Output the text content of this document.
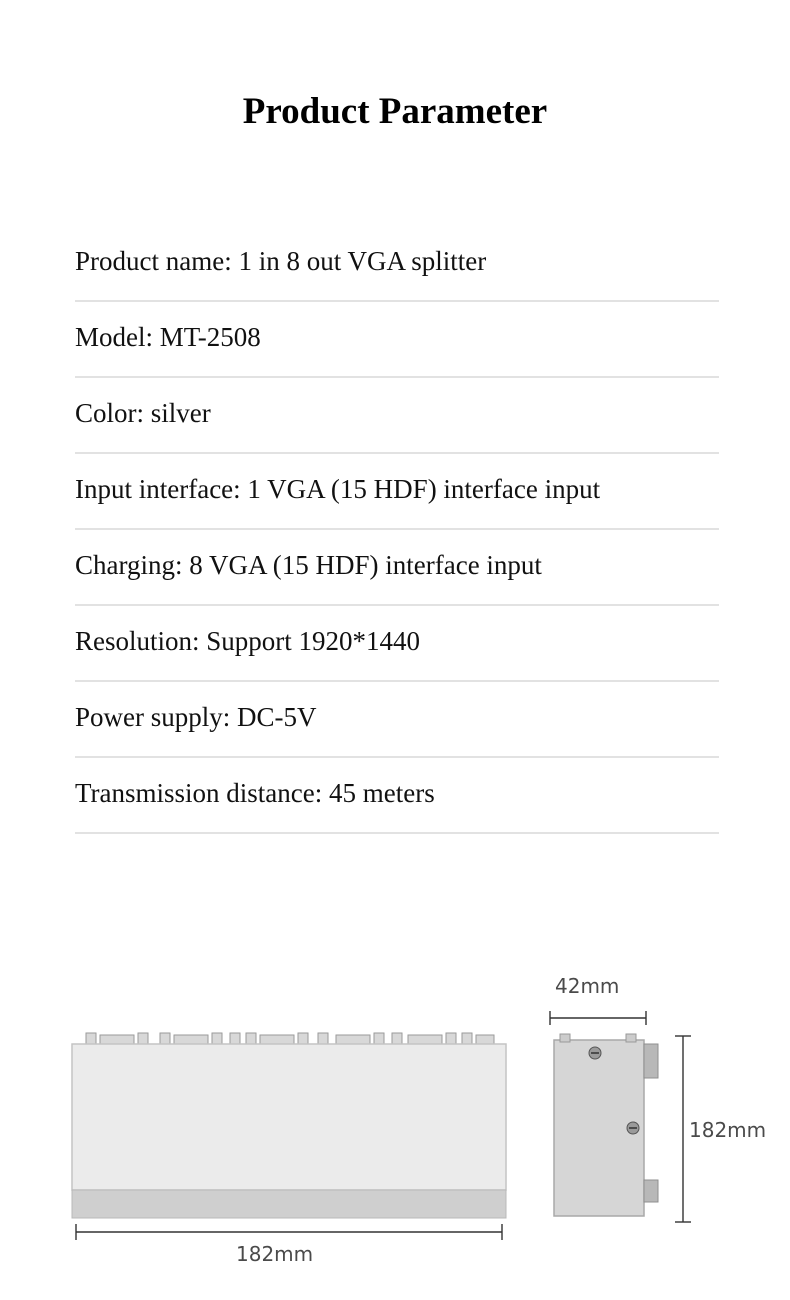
Product Parameter
Product name: 1 in 8 out VGA splitter
Model: MT-2508
Color: silver
Input interface: 1 VGA (15 HDF) interface input
Charging: 8 VGA (15 HDF) interface input
Resolution: Support 1920*1440
Power supply: DC-5V
Transmission distance: 45 meters
182mm
42mm
182mm
